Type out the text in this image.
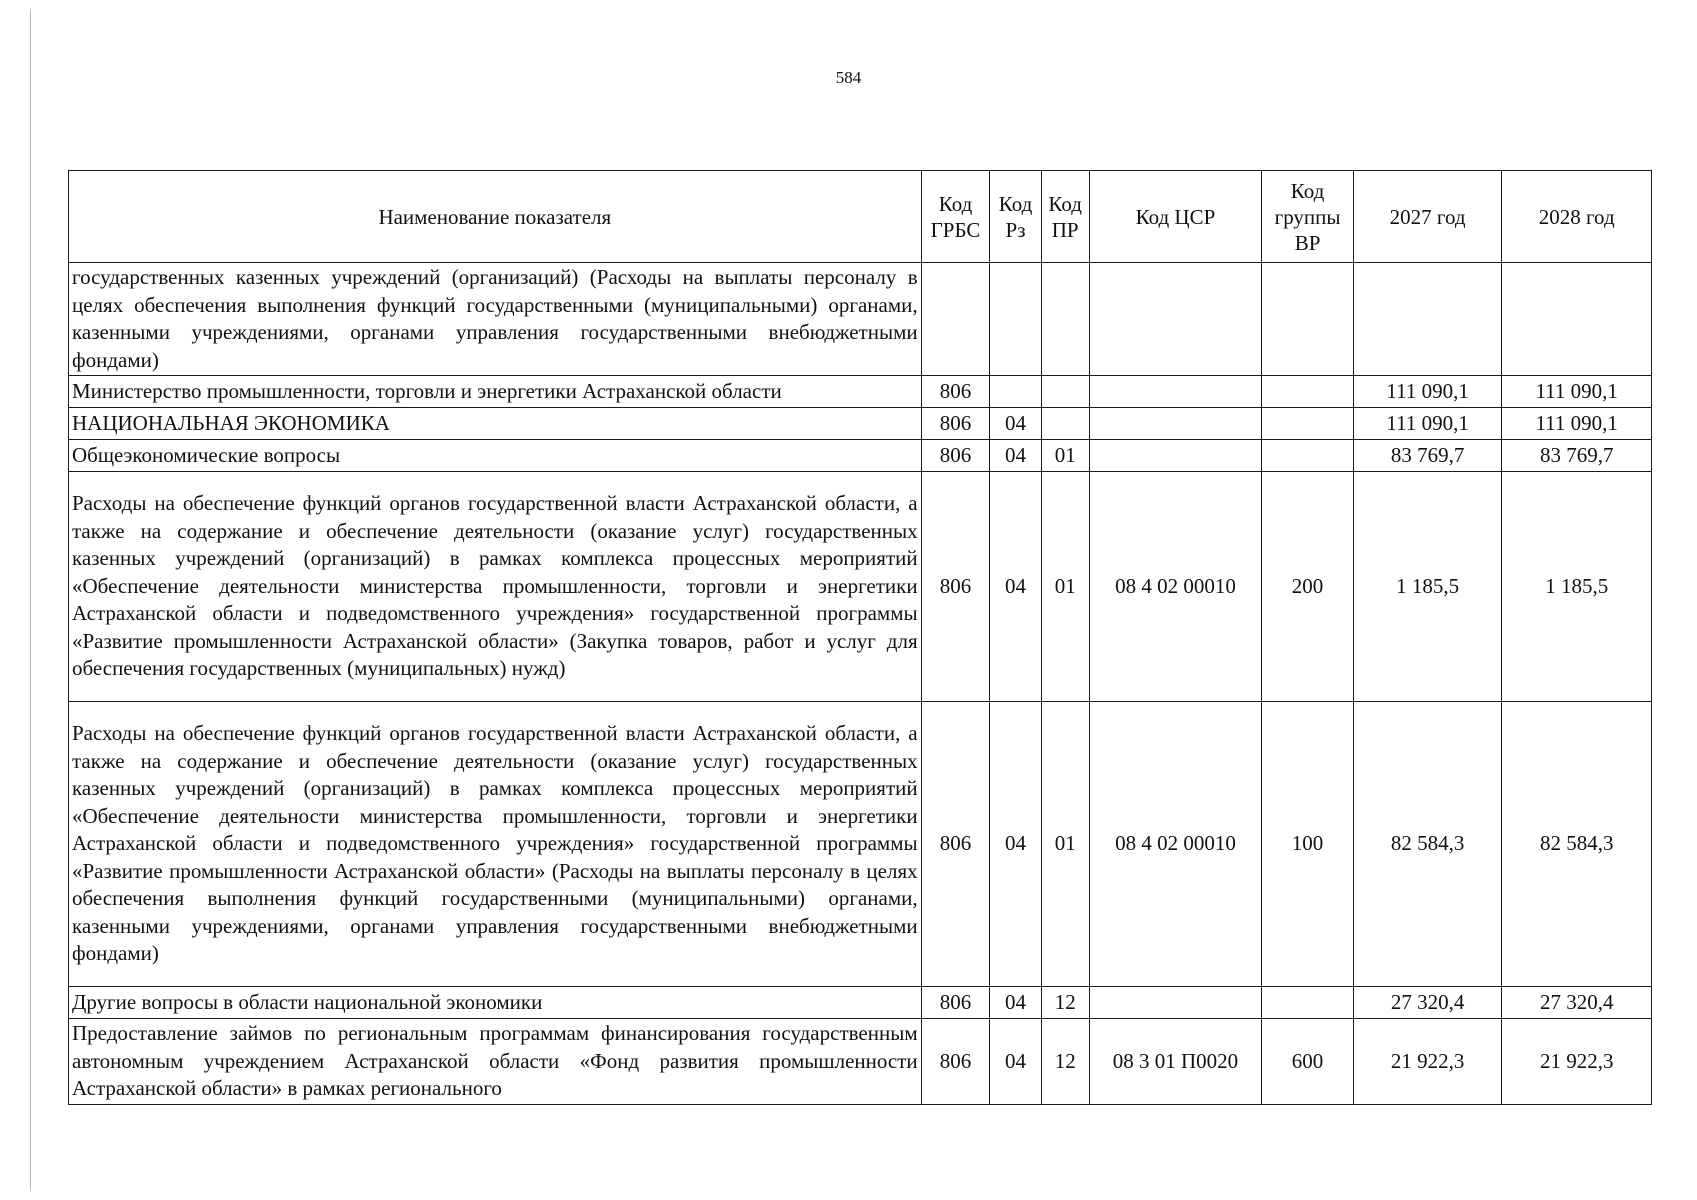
584
Наименование показателя	Код ГРБС	Код Рз	Код ПР	Код ЦСР	Код группы ВР	2027 год	2028 год
государственных казенных учреждений (организаций) (Расходы на выплаты персоналу в целях обеспечения выполнения функций государственными (муниципальными) органами, казенными учреждениями, органами управления государственными внебюджетными фондами)							
Министерство промышленности, торговли и энергетики Астраханской области	806					111 090,1	111 090,1
НАЦИОНАЛЬНАЯ ЭКОНОМИКА	806	04				111 090,1	111 090,1
Общеэкономические вопросы	806	04	01			83 769,7	83 769,7
Расходы на обеспечение функций органов государственной власти Астраханской области, а также на содержание и обеспечение деятельности (оказание услуг) государственных казенных учреждений (организаций) в рамках комплекса процессных мероприятий «Обеспечение деятельности министерства промышленности, торговли и энергетики Астраханской области и подведомственного учреждения» государственной программы «Развитие промышленности Астраханской области» (Закупка товаров, работ и услуг для обеспечения государственных (муниципальных) нужд)	806	04	01	08 4 02 00010	200	1 185,5	1 185,5
Расходы на обеспечение функций органов государственной власти Астраханской области, а также на содержание и обеспечение деятельности (оказание услуг) государственных казенных учреждений (организаций) в рамках комплекса процессных мероприятий «Обеспечение деятельности министерства промышленности, торговли и энергетики Астраханской области и подведомственного учреждения» государственной программы «Развитие промышленности Астраханской области» (Расходы на выплаты персоналу в целях обеспечения выполнения функций государственными (муниципальными) органами, казенными учреждениями, органами управления государственными внебюджетными фондами)	806	04	01	08 4 02 00010	100	82 584,3	82 584,3
Другие вопросы в области национальной экономики	806	04	12			27 320,4	27 320,4
Предоставление займов по региональным программам финансирования государственным автономным учреждением Астраханской области «Фонд развития промышленности Астраханской области» в рамках регионального	806	04	12	08 3 01 П0020	600	21 922,3	21 922,3
